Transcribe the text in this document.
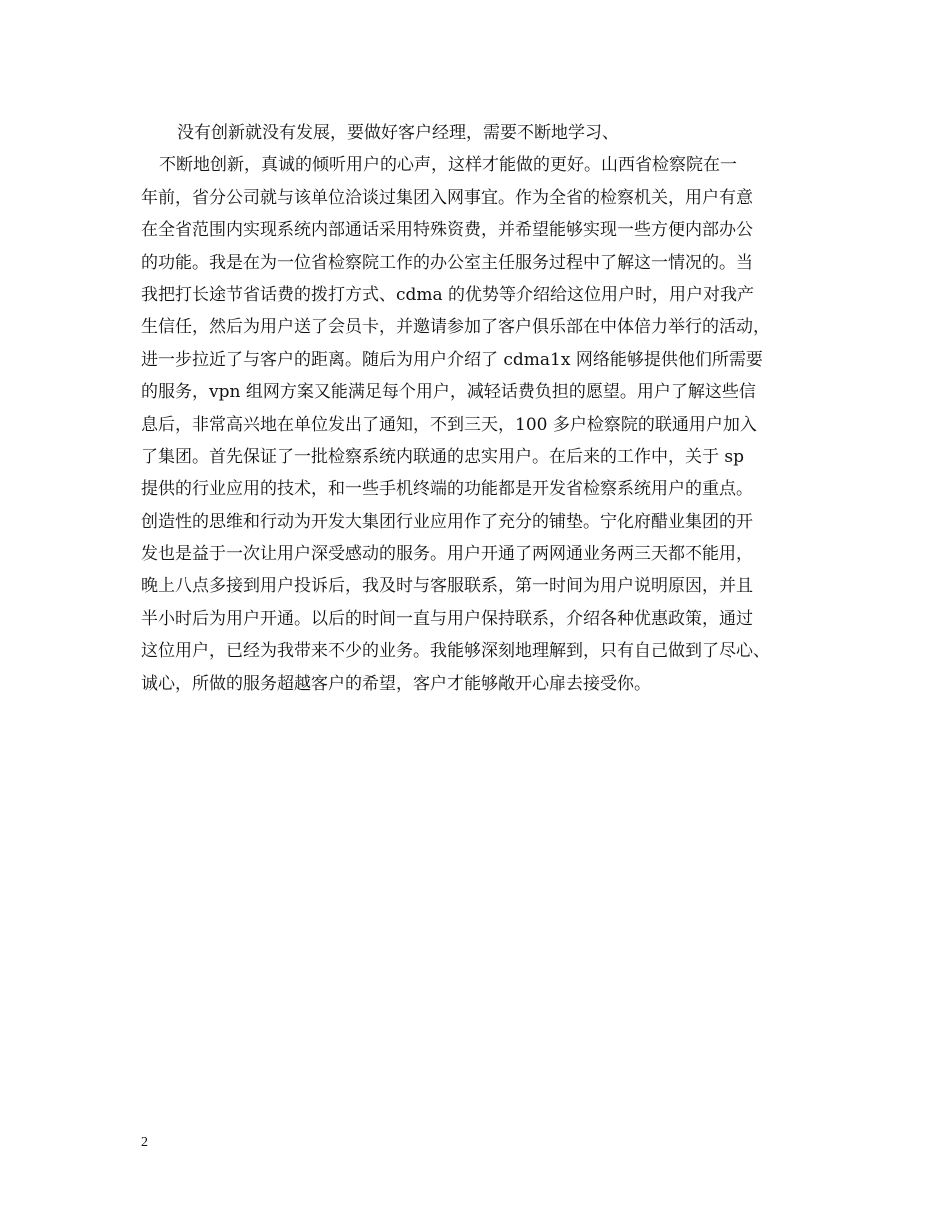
没有创新就没有发展，要做好客户经理，需要不断地学习、
不断地创新，真诚的倾听用户的心声，这样才能做的更好。山西省检察院在一
年前，省分公司就与该单位洽谈过集团入网事宜。作为全省的检察机关，用户有意
在全省范围内实现系统内部通话采用特殊资费，并希望能够实现一些方便内部办公
的功能。我是在为一位省检察院工作的办公室主任服务过程中了解这一情况的。当
我把打长途节省话费的拨打方式、cdma 的优势等介绍给这位用户时，用户对我产
生信任，然后为用户送了会员卡，并邀请参加了客户俱乐部在中体倍力举行的活动，
进一步拉近了与客户的距离。随后为用户介绍了 cdma1x 网络能够提供他们所需要
的服务，vpn 组网方案又能满足每个用户，减轻话费负担的愿望。用户了解这些信
息后，非常高兴地在单位发出了通知，不到三天，100 多户检察院的联通用户加入
了集团。首先保证了一批检察系统内联通的忠实用户。在后来的工作中，关于 sp
提供的行业应用的技术，和一些手机终端的功能都是开发省检察系统用户的重点。
创造性的思维和行动为开发大集团行业应用作了充分的铺垫。宁化府醋业集团的开
发也是益于一次让用户深受感动的服务。用户开通了两网通业务两三天都不能用，
晚上八点多接到用户投诉后，我及时与客服联系，第一时间为用户说明原因，并且
半小时后为用户开通。以后的时间一直与用户保持联系，介绍各种优惠政策，通过
这位用户，已经为我带来不少的业务。我能够深刻地理解到，只有自己做到了尽心、
诚心，所做的服务超越客户的希望，客户才能够敞开心扉去接受你。
2
